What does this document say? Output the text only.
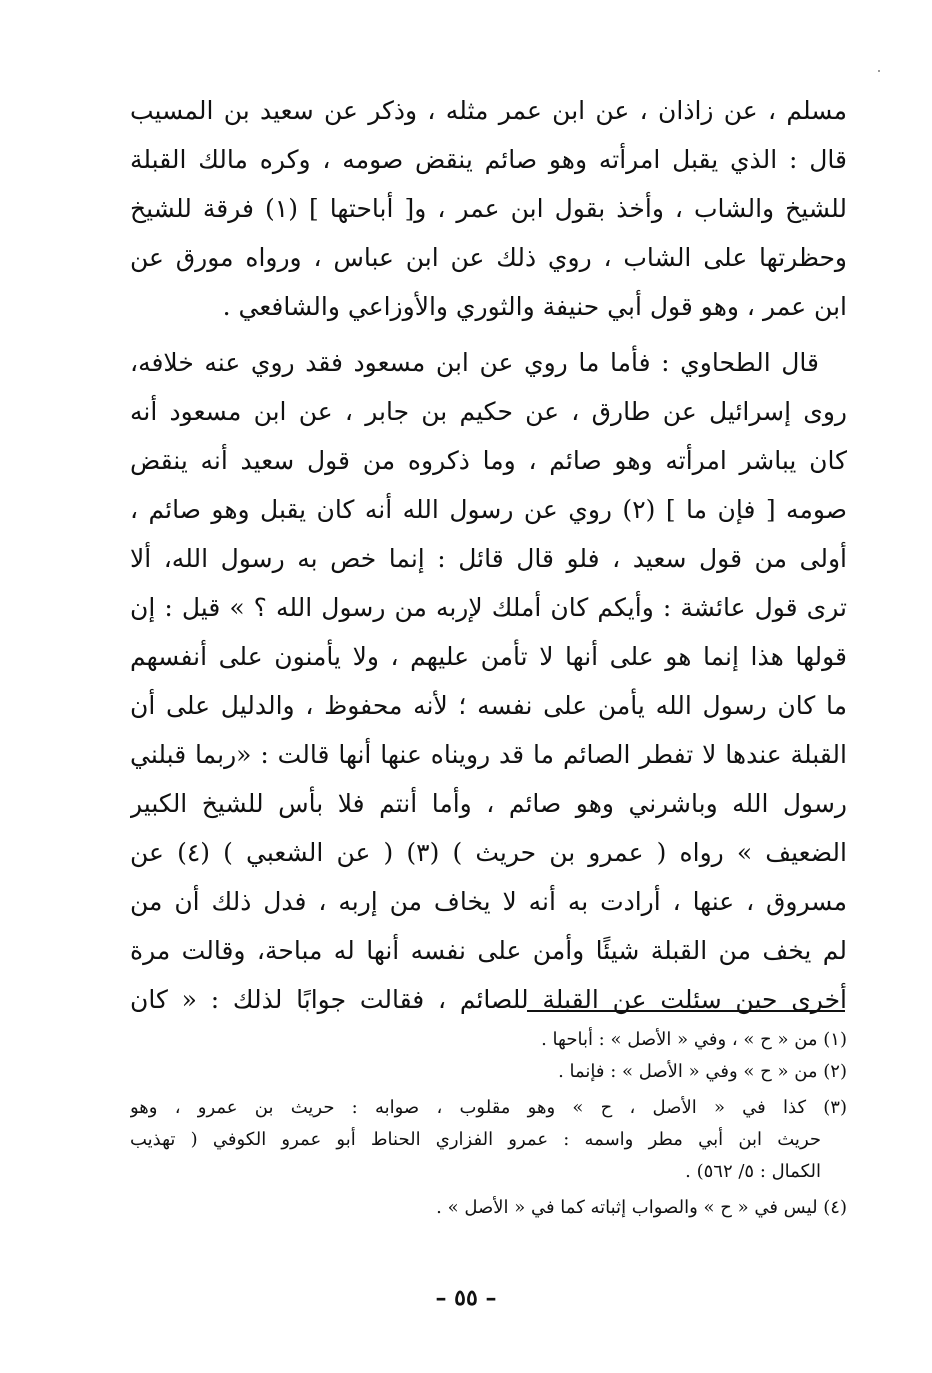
مسلم ، عن زاذان ، عن ابن عمر مثله ، وذكر عن سعيد بن المسيب
قال : الذي يقبل امرأته وهو صائم ينقض صومه ، وكره مالك القبلة
للشيخ والشاب ، وأخذ بقول ابن عمر ، و[ أباحتها ] (١) فرقة للشيخ
وحظرتها على الشاب ، روي ذلك عن ابن عباس ، ورواه مورق عن
ابن عمر ، وهو قول أبي حنيفة والثوري والأوزاعي والشافعي .
قال الطحاوي : فأما ما روي عن ابن مسعود فقد روي عنه خلافه،
روى إسرائيل عن طارق ، عن حكيم بن جابر ، عن ابن مسعود أنه
كان يباشر امرأته وهو صائم ، وما ذكروه من قول سعيد أنه ينقض
صومه [ فإن ما ] (٢) روي عن رسول الله أنه كان يقبل وهو صائم ،
أولى من قول سعيد ، فلو قال قائل : إنما خص به رسول الله، ألا
ترى قول عائشة : وأيكم كان أملك لإربه من رسول الله ؟ » قيل : إن
قولها هذا إنما هو على أنها لا تأمن عليهم ، ولا يأمنون على أنفسهم
ما كان رسول الله يأمن على نفسه ؛ لأنه محفوظ ، والدليل على أن
القبلة عندها لا تفطر الصائم ما قد رويناه عنها أنها قالت : «ربما قبلني
رسول الله وباشرني وهو صائم ، وأما أنتم فلا بأس للشيخ الكبير
الضعيف » رواه ( عمرو بن حريث ) (٣) ( عن الشعبي ) (٤) عن
مسروق ، عنها ، أرادت به أنه لا يخاف من إربه ، فدل ذلك أن من
لم يخف من القبلة شيئًا وأمن على نفسه أنها له مباحة، وقالت مرة
أخرى حين سئلت عن القبلة للصائم ، فقالت جوابًا لذلك : « كان
(١) من « ح » ، وفي « الأصل » : أباحها .
(٢) من « ح » وفي « الأصل » : فإنما .
(٣) كذا في « الأصل ، ح » وهو مقلوب ، صوابه : حريث بن عمرو ، وهو
حريث ابن أبي مطر واسمه : عمرو الفزاري الحناط أبو عمرو الكوفي ( تهذيب
الكمال : ٥/ ٥٦٢) .
(٤) ليس في « ح » والصواب إثباته كما في « الأصل » .
– ٥٥ –
